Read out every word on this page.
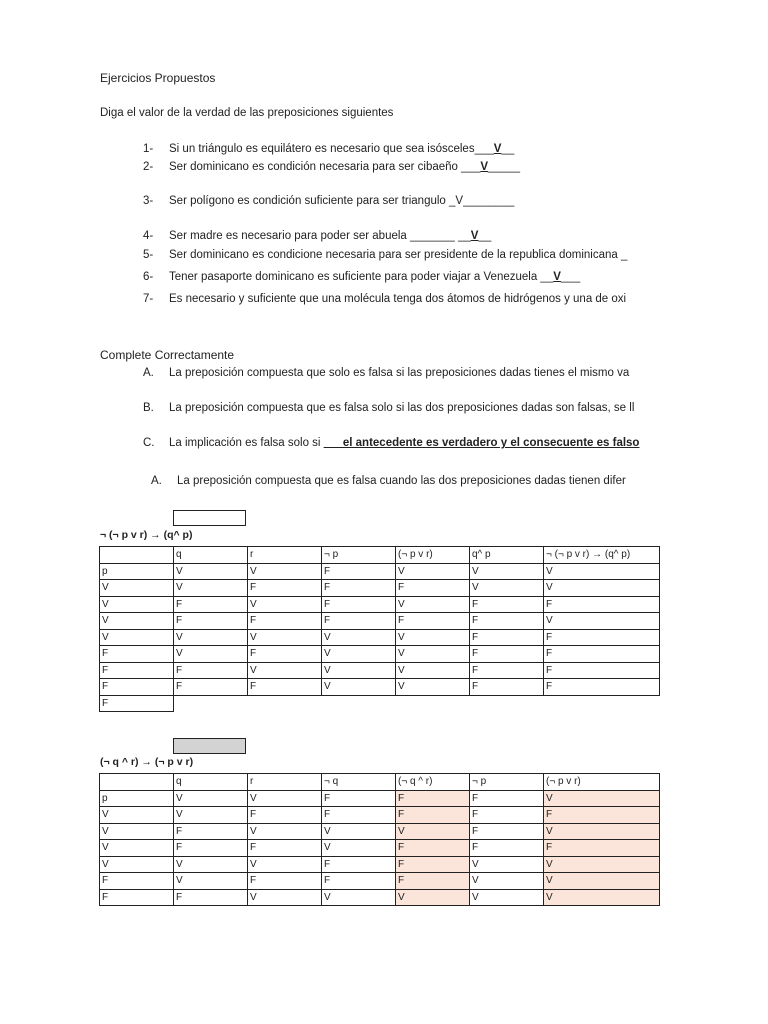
Ejercicios Propuestos
Diga el valor de la verdad de las preposiciones siguientes
1- Si un triángulo es equilátero es necesario que sea isósceles___V__
2- Ser dominicano es condición necesaria para ser cibaeño ___V_____
3- Ser polígono es condición suficiente para ser triangulo _V________
4- Ser madre es necesario para poder ser abuela _______ __V__
5- Ser dominicano es condicione necesaria para ser presidente de la republica dominicana _
6- Tener pasaporte dominicano es suficiente para poder viajar a Venezuela __V___
7- Es necesario y suficiente que una molécula tenga dos átomos de hidrógenos y una de oxi
Complete Correctamente
A. La preposición compuesta que solo es falsa si las preposiciones dadas tienes el mismo va
B. La preposición compuesta que es falsa solo si las dos preposiciones dadas son falsas, se ll
C. La implicación es falsa solo si ___el antecedente es verdadero y el consecuente es falso
A. La preposición compuesta que es falsa cuando las dos preposiciones dadas tienen difer
¬ (¬ p v r) → (q^ p)
	q	r	¬ p	(¬ p v r)	q^ p	¬ (¬ p v r) → (q^ p)
p	V	V	F	V	V	V
V	V	F	F	F	V	V
V	F	V	F	V	F	F
V	F	F	F	F	F	V
V	V	V	V	V	F	F
F	V	F	V	V	F	F
F	F	V	V	V	F	F
F	F	F	V	V	F	F
F						
(¬ q ^ r) → (¬ p v r)
	q	r	¬ q	(¬ q ^ r)	¬ p	(¬ p v r)
p	V	V	F	F	F	V
V	V	F	F	F	F	F
V	F	V	V	V	F	V
V	F	F	V	F	F	F
V	V	V	F	F	V	V
F	V	F	F	F	V	V
F	F	V	V	V	V	V
